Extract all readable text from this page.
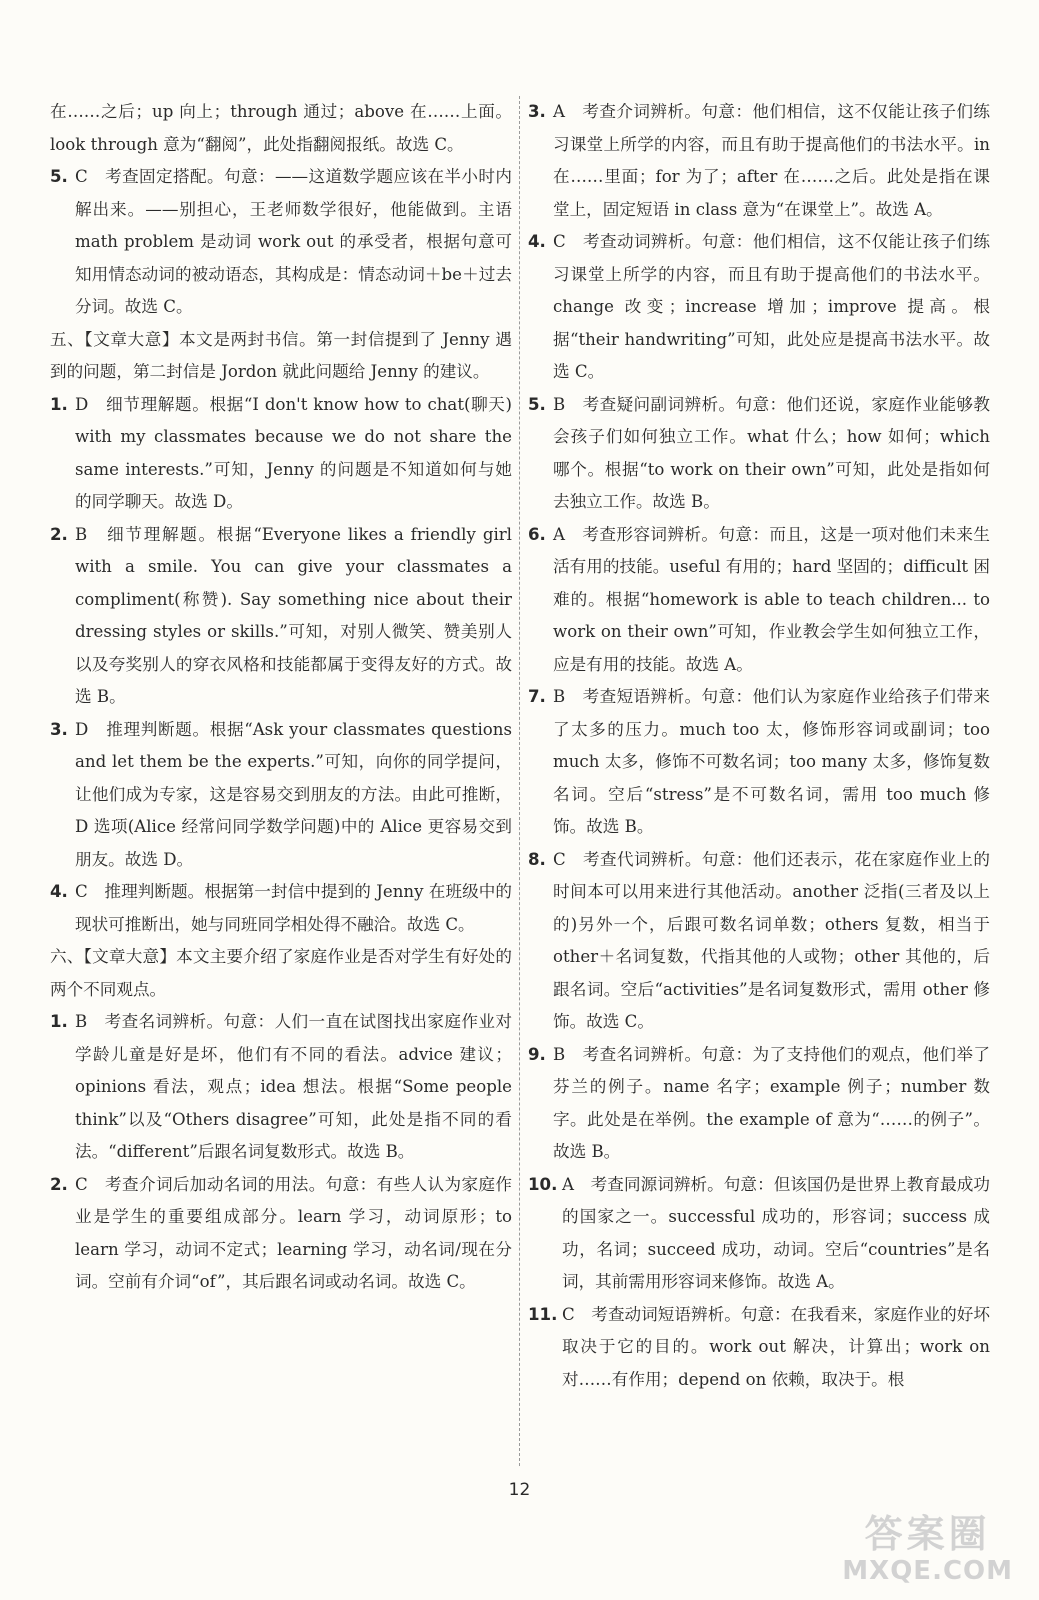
在……之后；up 向上；through 通过；above 在……上面。look through 意为“翻阅”，此处指翻阅报纸。故选 C。

5. C　考查固定搭配。句意：——这道数学题应该在半小时内解出来。——别担心，王老师数学很好，他能做到。主语 math problem 是动词 work out 的承受者，根据句意可知用情态动词的被动语态，其构成是：情态动词＋be＋过去分词。故选 C。

五、【文章大意】本文是两封书信。第一封信提到了 Jenny 遇到的问题，第二封信是 Jordon 就此问题给 Jenny 的建议。

1. D　细节理解题。根据“I don't know how to chat(聊天) with my classmates because we do not share the same interests.”可知，Jenny 的问题是不知道如何与她的同学聊天。故选 D。
2. B　细节理解题。根据“Everyone likes a friendly girl with a smile. You can give your classmates a compliment(称赞). Say something nice about their dressing styles or skills.”可知，对别人微笑、赞美别人以及夸奖别人的穿衣风格和技能都属于变得友好的方式。故选 B。
3. D　推理判断题。根据“Ask your classmates questions and let them be the experts.”可知，向你的同学提问，让他们成为专家，这是容易交到朋友的方法。由此可推断，D 选项(Alice 经常问同学数学问题)中的 Alice 更容易交到朋友。故选 D。
4. C　推理判断题。根据第一封信中提到的 Jenny 在班级中的现状可推断出，她与同班同学相处得不融洽。故选 C。

六、【文章大意】本文主要介绍了家庭作业是否对学生有好处的两个不同观点。

1. B　考查名词辨析。句意：人们一直在试图找出家庭作业对学龄儿童是好是坏，他们有不同的看法。advice 建议；opinions 看法，观点；idea 想法。根据“Some people think”以及“Others disagree”可知，此处是指不同的看法。“different”后跟名词复数形式。故选 B。
2. C　考查介词后加动名词的用法。句意：有些人认为家庭作业是学生的重要组成部分。learn 学习，动词原形；to learn 学习，动词不定式；learning 学习，动名词/现在分词。空前有介词“of”，其后跟名词或动名词。故选 C。
3. A　考查介词辨析。句意：他们相信，这不仅能让孩子们练习课堂上所学的内容，而且有助于提高他们的书法水平。in 在……里面；for 为了；after 在……之后。此处是指在课堂上，固定短语 in class 意为“在课堂上”。故选 A。
4. C　考查动词辨析。句意：他们相信，这不仅能让孩子们练习课堂上所学的内容，而且有助于提高他们的书法水平。change 改变；increase 增加；improve 提高。根据“their handwriting”可知，此处应是提高书法水平。故选 C。
5. B　考查疑问副词辨析。句意：他们还说，家庭作业能够教会孩子们如何独立工作。what 什么；how 如何；which 哪个。根据“to work on their own”可知，此处是指如何去独立工作。故选 B。
6. A　考查形容词辨析。句意：而且，这是一项对他们未来生活有用的技能。useful 有用的；hard 坚固的；difficult 困难的。根据“homework is able to teach children... to work on their own”可知，作业教会学生如何独立工作，应是有用的技能。故选 A。
7. B　考查短语辨析。句意：他们认为家庭作业给孩子们带来了太多的压力。much too 太，修饰形容词或副词；too much 太多，修饰不可数名词；too many 太多，修饰复数名词。空后“stress”是不可数名词，需用 too much 修饰。故选 B。
8. C　考查代词辨析。句意：他们还表示，花在家庭作业上的时间本可以用来进行其他活动。another 泛指(三者及以上的)另外一个，后跟可数名词单数；others 复数，相当于 other＋名词复数，代指其他的人或物；other 其他的，后跟名词。空后“activities”是名词复数形式，需用 other 修饰。故选 C。
9. B　考查名词辨析。句意：为了支持他们的观点，他们举了芬兰的例子。name 名字；example 例子；number 数字。此处是在举例。the example of 意为“……的例子”。故选 B。
10. A　考查同源词辨析。句意：但该国仍是世界上教育最成功的国家之一。successful 成功的，形容词；success 成功，名词；succeed 成功，动词。空后“countries”是名词，其前需用形容词来修饰。故选 A。
11. C　考查动词短语辨析。句意：在我看来，家庭作业的好坏取决于它的目的。work out 解决，计算出；work on 对……有作用；depend on 依赖，取决于。根
12
答案圈
MXQE.COM
